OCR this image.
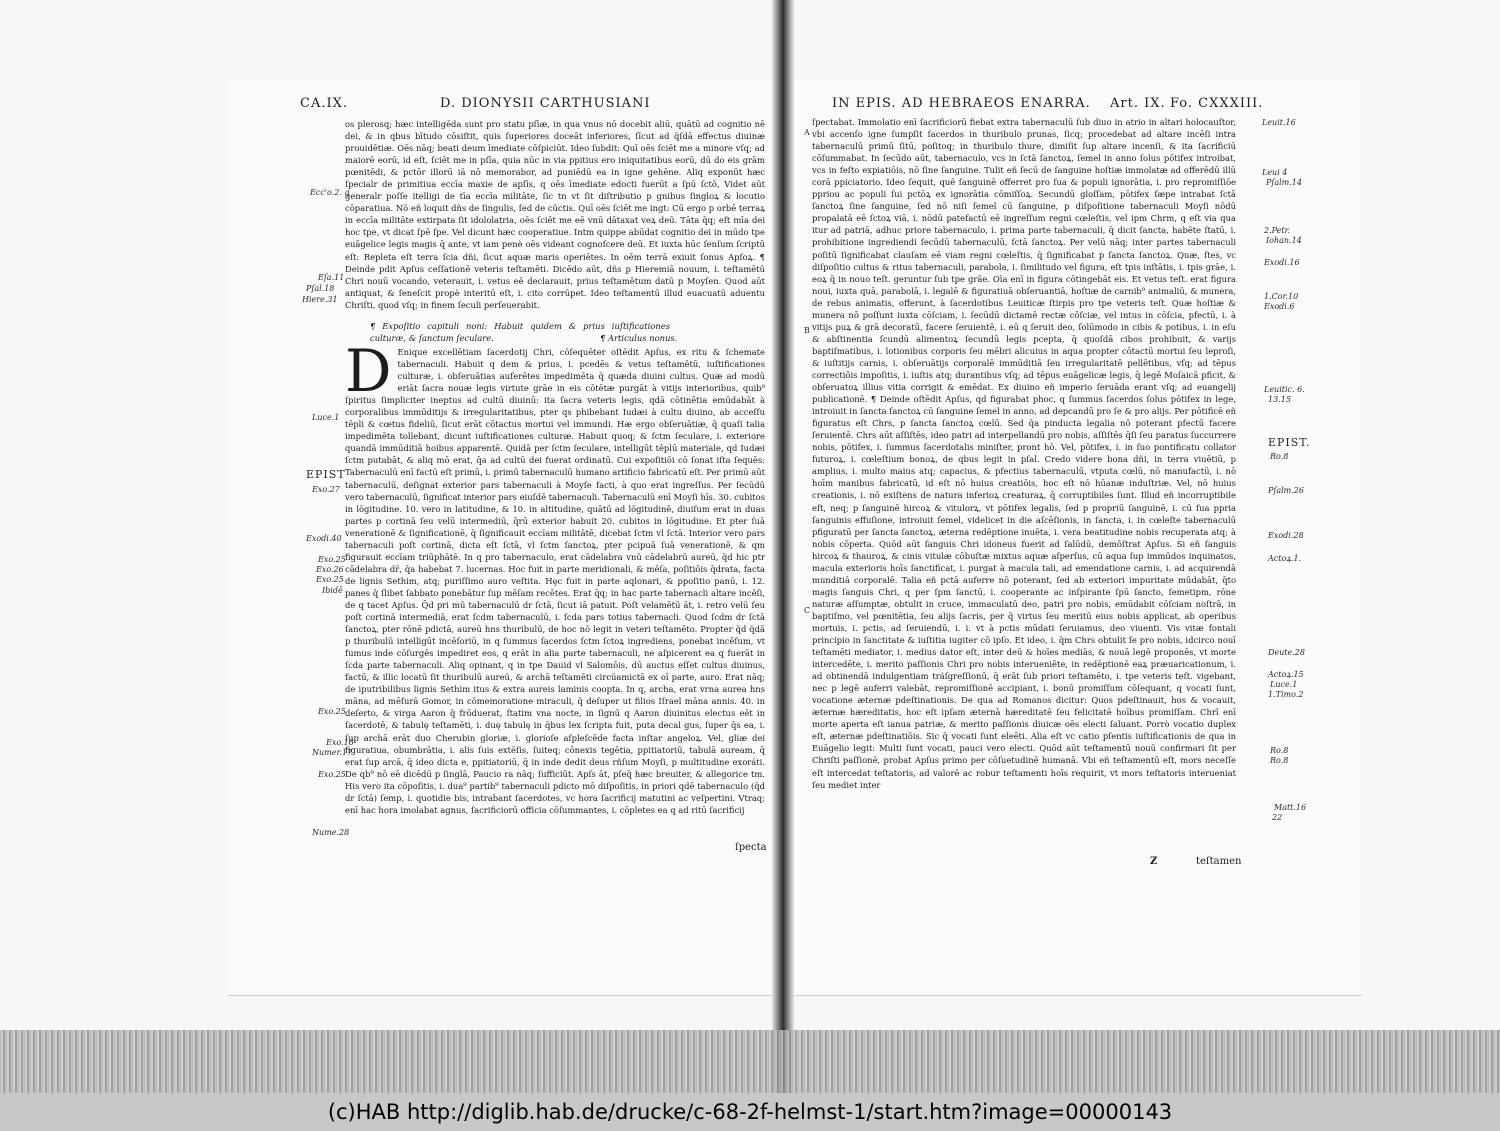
CA.IX.	D. DIONYSII CARTHUSIANI
os plerosq; hæc intelligēda sunt pro statu pſīæ, in qua vnus nō docebit aliū, quātū ad cognitio nē dei, & in qbus bītudo cōsiſtit, quis ſuperiores doceāt inferiores, ſīcut ad q̄ſdā effectus diuinæ prouidētiæ. Oēs nāq; beati deum īmediate cōſpiciūt. Ideo ſubdit: Quī oēs ſciēt me a minore vſq; ad maiorē eorū, id eſt, ſciēt me in pſīa, quia nūc in via ppitius ero iniquitatibus eorū, dū do eis grām pœnitēdi, & pctōr illorū iā nō memorabor, ad puniēdū ea in igne gehēne. Aliq exponūt hæc ſpecialr de primitiua eccīa maxie de apſīs, q oēs īmediate edocti fuerūt a ſpū ſctō, Videt aūt generalr poſſe itelligi de tīa eccīa militāte, ſic tn vt ſit diſtributio p gnibus ſingloꝝ & locutio cōparatiua. Nō eñ loquit dñs de ſingulis, ſed de cūctis. Quī oēs ſciēt me ingt: Cū ergo p orbē terraꝝ in eccīa militāte extirpata ſit idololatria, oēs ſciēt me eē vnū dātaxat veꝝ deū. Tāta q̄q; eſt mīa dei hoc tpe, vt dicat ſpē ſpe. Vel dicunt hæc cooperatiue. Intm quippe abūdat cognitio dei in mūdo tpe euāgelice legis magis q̄ ante, vt iam penè oēs videant cognoſcere deū. Et iuxta hūc ſenſum ſcriptū eſt: Repleta eſt terra ſcia dñi, ſicut aquæ maris operiētes. In oēm terrā exiuit ſonus Apſoꝝ. ¶ Deinde pdit Apſus ceſſationē veteris teſtamēti. Dicēdo aūt, dñs p Hieremiā nouum, i. teſtamētū Chri nouū vocando, veterauit, i. vetus eē declarauit, prius teſtamētum datū p Moyſen. Quod aūt antiquat, & ſeneſcit propè interitū eſt, i. cito corrūpet. Ideo teſtamentū illud euacuatū aduentu Chriſti, quod vſq; in finem ſeculi perſeuerabit.
¶ Expoſitio capituli noni: Habuit quidem & prius iuſtificationes culturæ, & ſanctum ſeculare.	¶ Articulus nonus.
D Enique excellētiam ſacerdotij Chri, cōſequēter oſtēdit Apſus, ex ritu & ſchemate tabernaculi. Habuit q dem & prius, i. pcedēs & vetus teſtamētū, iuſtificationes culturæ, i. obſeruātias auferētes impedimēta q̄ quæda diuini cultus. Quæ ad modū eriāt ſacra nouæ legis virtute grāe in eis cōtētæ purgāt à vitijs interioribus, quib⁹ ſpiritus ſimpliciter ineptus ad cultū diuinū: ita ſacra veteris legis, qdā cōtinētia emūdabāt à corporalibus immūditijs & irregularitatibus, pter qs phibebant Iudæi à cultu diuino, ab acceſſu tēpli & cœtus fideliū, ſicut erāt cōtactus mortui vel immundi. Hæ ergo obſeruātiæ, q̄ quaſi talia impedimēta tollebant, dicunt iuſtificationes culturæ. Habuit quoq; & ſctm ſeculare, i. exteriore quandā immūditiā hoibus apparentē. Quidā per ſctm ſeculare, intelligūt tēplū materiale, qd Iudæi ſctm putabāt, & aliq mō erat, q̄a ad cultū dei fuerat ordinatū. Cui expoſitiōi cō ſonat iſta ſequēs: Tabernaculū enī factū eſt primū, i. primū tabernaculū humano artificio fabricatū eſt. Per primū aūt tabernaculū, deſignat exterior pars tabernaculi à Moyſe facti, à quo erat ingreſſus. Per ſecūdū vero tabernaculū, ſignificat interior pars eiuſdē tabernaculi. Tabernaculū enī Moyſi hīs. 30. cubitos in lōgitudine. 10. vero in latitudine, & 10. in altitudine, quātū ad lōgitudinē, diuiſum erat in duas partes p cortinā ſeu velū intermediū, q̄rū exterior habuit 20. cubitos in lōgitudine. Et pter ſuā venerationē & ſignificationē, q̄ ſignificauit eccīam militātē, dicebat ſctm vl ſctā. Interior vero pars tabernaculi poſt cortinā, dicta eſt ſctā, vl ſctm ſanctoꝝ, pter pcipuā ſuā venerationē, & qm figurauit eccīam triūphātē. In q pro tabernaculo, erat cādelabra vnū cādelabrū aureū, q̄d hic ptr cādelabra dr̄, q̄a habebat 7. lucernas. Hoc fuit in parte meridionali, & mēſa, poſitiōis q̄drata, facta de lignis Sethim, atq; puriſſimo auro veſtita. Hęc fuit in parte aqlonari, & ppoſitio panū, i. 12. panes q̄ ſlibet ſabbato ponebātur ſup mēſam recētes. Erat q̄q; in hac parte tabernacli altare incēſi, de q tacet Apſus. Q̄d pri mū tabernaculū dr ſctā, ſicut iā patuit. Poſt velamētū āt, i. retro velū ſeu poſt cortinā intermediā, erat ſcdm tabernaculū, i. ſcda pars totius tabernacli. Quod ſcdm dr ſctā ſanctoꝝ, pter rōnē pdictā, aureū hns thuribulū, de hoc nō legit in veteri teſtamēto. Propter q̄d q̄dā p thuribulū intelligūt incēſoriū, in q ſummus ſacerdos ſctm ſctoꝝ ingrediens, ponebat incēſum, vt fumus inde cōſurgēs impediret eos, q erāt in alia parte tabernaculi, ne aſpicerent ea q fuerāt in ſcda parte tabernaculi. Aliq opinant, q in tpe Dauid vl Salomōis, dū auctus eſſet cultus diuinus, factū, & illic locatū ſit thuribulū aureū, & archā teſtamēti circūamictā ex oī parte, auro. Erat nāq; de iputribilibus lignis Sethim itus & extra aureis laminis coopta. In q, archa, erat vrna aurea hns māna, ad mēſurā Gomor, in cōmemoratione miraculi, q̄ deſuper ut filios Iſrael māna annis. 40. in deſerto, & virga Aaron q̄ frōduerat, ſtatim vna nocte, in ſignū q Aaron diuinitus electus eēt in ſacerdotē, & tabulę teſtamēti, i. duę tabulę in q̄bus lex ſcripta fuit, puta decal gus, ſuper q̄s ea, i. ſup archā erāt duo Cherubin gloriæ, i. glorioſe aſpleſcēde facta inſtar angeloꝝ. Vel, gliæ dei figuratiua, obumbrātia, i. alis ſuis extēſis, ſuiteq; cōnexis tegētia, ppitiatoriū, tabulā auream, q̄ erat ſup arcā, q̄ ideo dicta e, ppitiatoriū, q̄ in inde dedit deus rñſum Moyſi, p multitudine exoráti. De qb⁹ nō eē dicēdū p ſinglā, Paucio ra nāq; ſufficiūt. Apſs āt, pſeq̄ hæc breuiter, & allegorice tm. His vero ita cōpoſitis, i. dua⁹ partib⁹ tabernaculi pdicto mō diſpoſitis, in priori qdē tabernaculo (q̄d dr ſctā) ſemp, i. quotidie bis, intrabant ſacerdotes, vc hora ſacrificij matutini ac veſpertini. Vtraq; enī hac hora imolabat agnus, ſacrificiorū officia cōſummantes, i. cōpletes ea q ad ritū ſacrificij
ſpecta
Ecc'o.2. q
Eſa.11
Pſal.18
Hiere.31
Luce.1
EPIST
Exo.27
Exodi.40
Exo.25
Exo.26
Exo.25
Ibidē
Exo.25
Exo.16
Numer.17
Exo.25
Nume.28
IN EPIS. AD HEBRAEOS ENARRA. Art. IX. Fo. CXXXIII.
ſpectabat. Immolatio enī ſacrificiorū fiebat extra tabernaculū ſub diuo in atrio in altari holocauſtor, vbi accenſo igne ſumpſit ſacerdos in thuribulo prunas, ſicq; procedebat ad altare incēſi intra tabernaculū primū ſitū, poſitoq; in thuribulo thure, dimiſit ſup altare incenſi, & ita ſacrificiū cōſummabat. In ſecūdo aūt, tabernaculo, vcs in ſctā ſanctoꝝ, ſemel in anno ſolus pōtifex introibat, vcs in feſto expiatiōis, nō ſine ſanguine. Tulit eñ ſecū de ſanguine hoſtiæ immolatæ ad offerēdū illū corā ppiciatorio. Ideo ſequit, quē ſanguinē offerret pro ſua & populi ignorātia, i. pro repromiſſiōe ppriou ac populi ſui pctōꝝ ex ignorātia cōmiſſoꝝ. Secundū gloſſam, pōtifex ſæpe intrabat ſctā ſanctoꝝ ſine ſanguine, ſed nō niſi ſemel cū ſanguine, p diſpoſitione tabernaculi Moyſi nōdū propalatā eē ſctoꝝ viā, i. nōdū patefactū eē ingreſſum regni cœleſtis, vel ipm Chrm, q eſt via qua itur ad patriā, adhuc priore tabernaculo, i. prima parte tabernaculi, q̄ dicit ſancta, habēte ſtatū, i. prohibitione ingrediendi ſecūdū tabernaculū, ſctā ſanctoꝝ. Per velū nāq; inter partes tabernaculi poſitū ſignificabat clauſam eē viam regni cœleſtis, q̄ ſignificabat p ſancta ſanctoꝝ. Quæ, ſtes, vc diſpoſitio cultus & ritus tabernaculi, parabola, i. ſimilitudo vel figura, eſt tpis inſtātis, i. tpis grāe, i. eoꝝ q̄ in nouo teſt. geruntur ſub tpe grāe. Oīa enī in figura cōtingebāt eis. Et vetus teſt. erat figura noui, iuxta quā, parabolā, i. legalē & figuratiuā obſeruantiā, hoſtiæ de carnib⁹ animaliū, & munera, de rebus animatis, offerunt, à ſacerdotibus Leuiticæ ſtirpis pro tpe veteris teſt. Quæ hoſtiæ & munera nō poſſunt iuxta cōſciam, i. ſecūdū dictamē rectæ cōſciæ, vel intus in cōſcia, pfectū, i. à vitijs puꝝ & grā decoratū, facere ſeruientē, i. eū q ſeruit deo, ſolūmodo in cibis & potibus, i. in eſu & abſtinentia ſcundū alimentoꝝ ſecundū legis pcepta, q̄ quoſdā cibos prohibuit, & varijs baptiſmatibus, i. lotionibus corporis ſeu mēbri alicuius in aqua propter cōtactū mortui ſeu leproſi, & iuſtitijs carnis, i. obſeruātijs corporalē immūditiā ſeu irregularitatē pellētibus, vſq; ad tēpus correctiōis impoſitis, i. iuſtis atq; durantibus vſq; ad tēpus euāgelicæ legis, q̄ legē Moſaicā pficit, & obſeruatoꝝ illius vitia corrigit & emēdat. Ex diuino eñ imperio ſeruāda erant vſq; ad euangelij publicationē. ¶ Deinde oſtēdit Apſus, qd figurabat phoc, q ſummus ſacerdos ſolus pōtifex in lege, introiuit in ſancta ſanctoꝝ cū ſanguine ſemel in anno, ad depcandū pro ſe & pro alijs. Per pōtificē eñ figuratus eſt Chrs, p ſancta ſanctoꝝ cœlū. Sed q̄a pinducta legalia nō poterant pfectū facere ſeruientē. Chrs aūt aſſiſtēs, ideo patri ad interpellandū pro nobis, aſſiſtēs q̄ſi ſeu paratus ſuccurrere nobis, pōtifex, i. ſummus ſacerdotalis miniſter, pront hō. Vel, pōtifex, i. in ſuo pontificatu collator futuroꝝ, i. cœleſtium bonoꝝ, de qbus legit in pſal. Credo videre bona dñi, in terra viuētiū, p amplius, i. multo maius atq; capacius, & pfectius tabernaculū, vtputa cœlū, nō manufactū, i. nō hoīm manibus fabricatū, id eſt nō huius creatiōis, hoc eſt nō hūanæ induſtriæ. Vel, nō huius creationis, i. nō exiſtens de natura inferioꝝ creaturaꝝ, q̄ corruptibiles ſunt. Illud eñ incorruptibile eſt, neq; p ſanguinē hircoꝝ & vitulorꝝ, vt pōtifex legalis, ſed p propriū ſanguinē, i. cū ſua ppria ſanguinis effuſione, introiuit ſemel, videlicet in die aſcēſionis, in ſancta, i. in cœleſte tabernaculū pfiguratū per ſancta ſanctoꝝ, æterna redēptione inuēta, i. vera beatitudine nobis recuperata atq; à nobis cōperta. Quōd aūt ſanguis Chri idoneus fuerit ad ſalūdū, demōſtrat Apſus. Si eñ ſanguis hircoꝝ & thauroꝝ, & cinis vitulæ cōbuſtæ mixtus aquæ aſperſus, cū aqua ſup immūdos inquinatos, macula exterioris hoīs ſanctificat, i. purgat à macula tali, ad emendatione carnis, i. ad acquirendā munditiā corporalē. Talia eñ pctā auferre nō poterant, ſed ab exteriori impuritate mūdabāt, q̄to magis ſanguis Chri, q per ſpm ſanctū, i. cooperante ac inſpirante ſpū ſancto, ſemetipm, rōne naturæ aſſumptæ, obtulit in cruce, immaculatū deo, patri pro nobis, emūdabit cōſciam noſtrā, in baptiſmo, vel pœnitētia, ſeu alijs ſacris, per q̄ virtus ſeu meritū eius nobis applicat, ab operibus mortuis, i. pctis, ad ſeruiendū, i. i. vt à pctis mūdati ſeruiamus, deo viuenti. Vis vitæ fontali principio in ſanctitate & iuſtitia iugiter cō ipſo. Et ideo, i. q̄m Chrs obtulit ſe pro nobis, idcirco nouī teſtamēti mediator, i. medius dator eſt, inter deū & hoīes mediās, & nouā legē proponēs, vt morte intercedēte, i. merito paſſionis Chri pro nobis interueniēte, in redēptionē eaꝝ præuaricationum, i. ad obtinendā indulgentiam tráſgreſſionū, q̄ erāt ſub priori teſtamēto, i. tpe veteris teſt. vigebant, nec p legē auferri valebāt, repromiſſionē accipiant, i. bonū promiſſum cōſequant, q vocati ſunt, vocatione æternæ pdeſtinationis. De qua ad Romanos dicitur: Quos pdeſtinauit, hos & vocauit, æternæ hæreditatis, hoc eſt ipſam æternā hæreditatē ſeu felicitatē hoībus promiſſam. Chrī enī morte aperta eſt ianua patriæ, & merito paſſionis diuicæ oēs electi ſaluant. Porrò vocatio duplex eſt, æternæ pdeſtinatiōis. Sic q̄ vocati ſunt eleēti. Alia eſt vc catio pſentis iuſtificationis de qua in Euāgelio legit: Multi ſunt vocati, pauci vero electi. Quōd aūt teſtamentū nouū confirmari ſit per Chriſti paſſionē, probat Apſus primo per cōſuetudinē humanā. Vbi eñ teſtamentū eſt, mors neceſſe eſt intercedat teſtatoris, ad valorē ac robur teſtamenti hoīs requirit, vt mors teſtatoris interueniat ſeu mediet inter
Z	teſtamen
A
B
C
Leuit.16
Leui 4
Pſalm.14
2.Petr.
Iohan.14
Exodi.16
1.Cor.10
Exodi.6
Leuitic. 6.
13.15
EPIST.
Ro.8
Pſalm.26
Exodi.28
Actoꝝ.1.
Deute.28
Actoꝝ.15
Luce.1
1.Timo.2
Ro.8
Ro.8
Matt.16
22
(c)HAB http://diglib.hab.de/drucke/c-68-2f-helmst-1/start.htm?image=00000143
